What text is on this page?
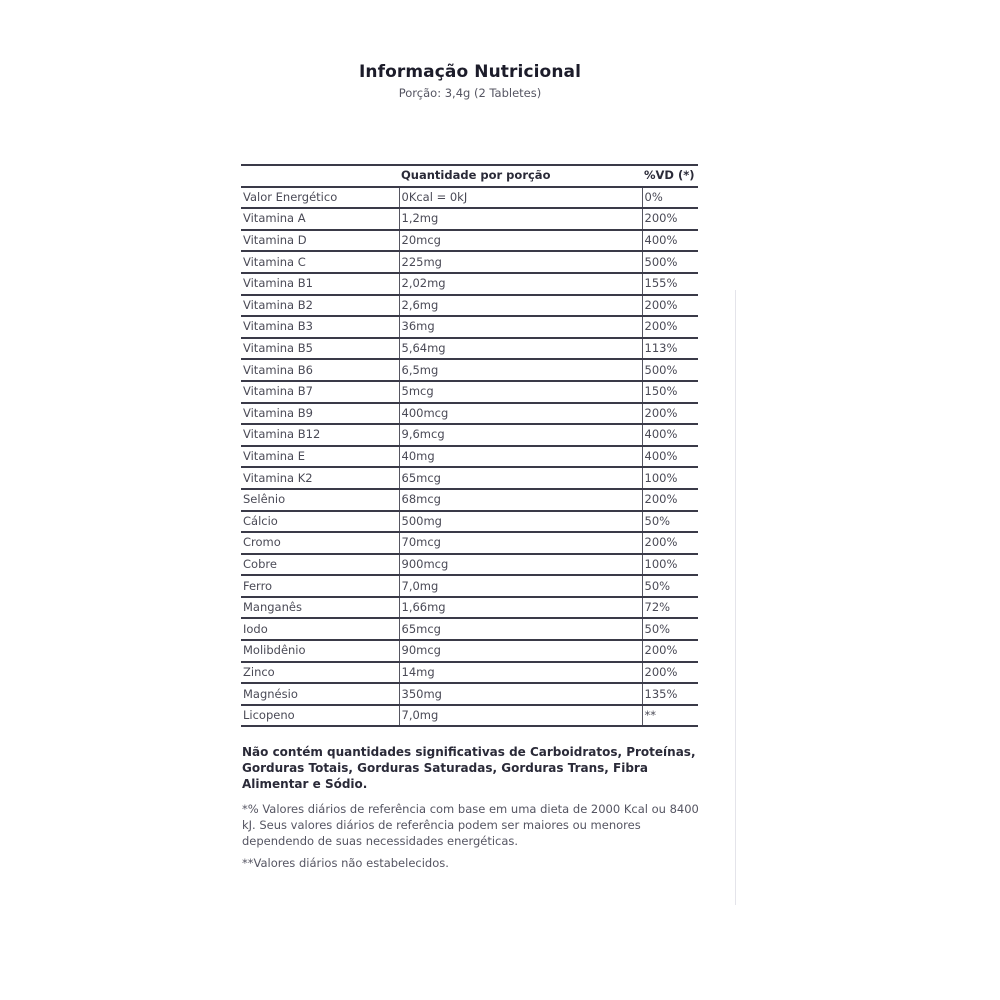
Informação Nutricional
Porção: 3,4g (2 Tabletes)
	Quantidade por porção	%VD (*)
Valor Energético	0Kcal = 0kJ	0%
Vitamina A	1,2mg	200%
Vitamina D	20mcg	400%
Vitamina C	225mg	500%
Vitamina B1	2,02mg	155%
Vitamina B2	2,6mg	200%
Vitamina B3	36mg	200%
Vitamina B5	5,64mg	113%
Vitamina B6	6,5mg	500%
Vitamina B7	5mcg	150%
Vitamina B9	400mcg	200%
Vitamina B12	9,6mcg	400%
Vitamina E	40mg	400%
Vitamina K2	65mcg	100%
Selênio	68mcg	200%
Cálcio	500mg	50%
Cromo	70mcg	200%
Cobre	900mcg	100%
Ferro	7,0mg	50%
Manganês	1,66mg	72%
Iodo	65mcg	50%
Molibdênio	90mcg	200%
Zinco	14mg	200%
Magnésio	350mg	135%
Licopeno	7,0mg	**

Não contém quantidades significativas de Carboidratos, Proteínas, Gorduras Totais, Gorduras Saturadas, Gorduras Trans, Fibra Alimentar e Sódio.

*% Valores diários de referência com base em uma dieta de 2000 Kcal ou 8400 kJ. Seus valores diários de referência podem ser maiores ou menores dependendo de suas necessidades energéticas.

**Valores diários não estabelecidos.
